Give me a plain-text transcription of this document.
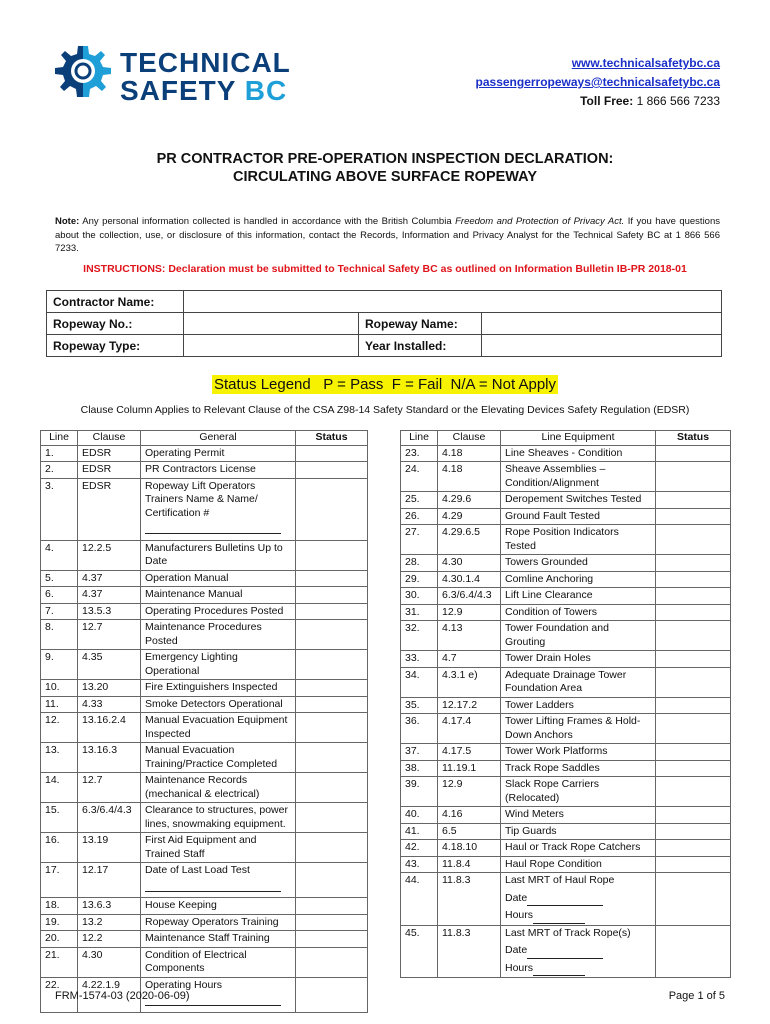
TECHNICAL
SAFETY BC
www.technicalsafetybc.ca
passengerropeways@technicalsafetybc.ca
Toll Free: 1 866 566 7233
PR CONTRACTOR PRE-OPERATION INSPECTION DECLARATION:
CIRCULATING ABOVE SURFACE ROPEWAY
Note: Any personal information collected is handled in accordance with the British Columbia Freedom and Protection of Privacy Act. If you have questions about the collection, use, or disclosure of this information, contact the Records, Information and Privacy Analyst for the Technical Safety BC at 1 866 566 7233.
INSTRUCTIONS: Declaration must be submitted to Technical Safety BC as outlined on Information Bulletin IB-PR 2018-01
Contractor Name:			
Ropeway No.:		Ropeway Name:	
Ropeway Type:		Year Installed:	
Status Legend   P = Pass  F = Fail  N/A = Not Apply
Clause Column Applies to Relevant Clause of the CSA Z98-14 Safety Standard or the Elevating Devices Safety Regulation (EDSR)
Line	Clause	General	Status
1.	EDSR	Operating Permit	

2.	EDSR	PR Contractors License	

3.	EDSR	Ropeway Lift Operators Trainers Name & Name/ Certification #	

4.	12.2.5	Manufacturers Bulletins Up to Date	

5.	4.37	Operation Manual	

6.	4.37	Maintenance Manual	

7.	13.5.3	Operating Procedures Posted	

8.	12.7	Maintenance Procedures Posted	

9.	4.35	Emergency Lighting Operational	

10.	13.20	Fire Extinguishers Inspected	

11.	4.33	Smoke Detectors Operational	

12.	13.16.2.4	Manual Evacuation Equipment Inspected	

13.	13.16.3	Manual Evacuation Training/Practice Completed	

14.	12.7	Maintenance Records (mechanical & electrical)	

15.	6.3/6.4/4.3	Clearance to structures, power lines, snowmaking equipment.	

16.	13.19	First Aid Equipment and Trained Staff	

17.	12.17	Date of Last Load Test	

18.	13.6.3	House Keeping	

19.	13.2	Ropeway Operators Training	

20.	12.2	Maintenance Staff Training	

21.	4.30	Condition of Electrical Components	

22.	4.22.1.9	Operating Hours	

Line	Clause	Line Equipment	Status
23.	4.18	Line Sheaves - Condition	

24.	4.18	Sheave Assemblies – Condition/Alignment	

25.	4.29.6	Deropement Switches Tested	

26.	4.29	Ground Fault Tested	

27.	4.29.6.5	Rope Position Indicators Tested	

28.	4.30	Towers Grounded	

29.	4.30.1.4	Comline Anchoring	

30.	6.3/6.4/4.3	Lift Line Clearance	

31.	12.9	Condition of Towers	

32.	4.13	Tower Foundation and Grouting	

33.	4.7	Tower Drain Holes	

34.	4.3.1 e)	Adequate Drainage Tower Foundation Area	

35.	12.17.2	Tower Ladders	

36.	4.17.4	Tower Lifting Frames & Hold-Down Anchors	

37.	4.17.5	Tower Work Platforms	

38.	11.19.1	Track Rope Saddles	

39.	12.9	Slack Rope Carriers (Relocated)	

40.	4.16	Wind Meters	

41.	6.5	Tip Guards	

42.	4.18.10	Haul or Track Rope Catchers	

43.	11.8.4	Haul Rope Condition	

44.	11.8.3	Last MRT of Haul Rope
Date
Hours	

45.	11.8.3	Last MRT of Track Rope(s)
Date
Hours	

FRM-1574-03 (2020-06-09)	Page 1 of 5
